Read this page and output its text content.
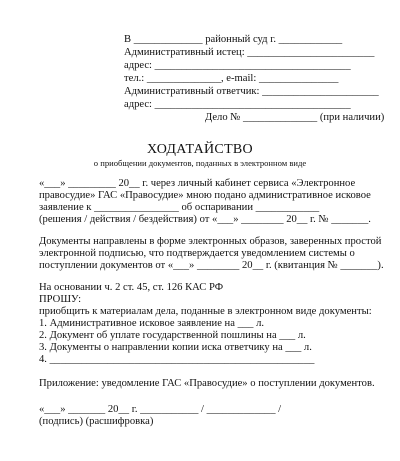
В _____________ районный суд г. ____________
Административный истец: ________________________
адрес: _____________________________________
тел.: ______________, e-mail: _______________
Административный ответчик: ______________________
адрес: _____________________________________
Дело № ______________ (при наличии)
ХОДАТАЙСТВО
о приобщении документов, поданных в электронном виде
«___» _________ 20__ г. через личный кабинет сервиса «Электронное
правосудие» ГАС «Правосудие» мною подано административное исковое
заявление к ________________ об оспаривании ____________
(решения / действия / бездействия) от «___» ________ 20__ г. № _______.
Документы направлены в форме электронных образов, заверенных простой
электронной подписью, что подтверждается уведомлением системы о
поступлении документов от «___» ________ 20__ г. (квитанция № _______).
На основании ч. 2 ст. 45, ст. 126 КАС РФ
ПРОШУ:
приобщить к материалам дела, поданные в электронном виде документы:
1. Административное исковое заявление на ___ л.
2. Документ об уплате государственной пошлины на ___ л.
3. Документы о направлении копии иска ответчику на ___ л.
4. __________________________________________________
Приложение: уведомление ГАС «Правосудие» о поступлении документов.
«___» _______ 20__ г. ___________ / _____________ /
(подпись) (расшифровка)
